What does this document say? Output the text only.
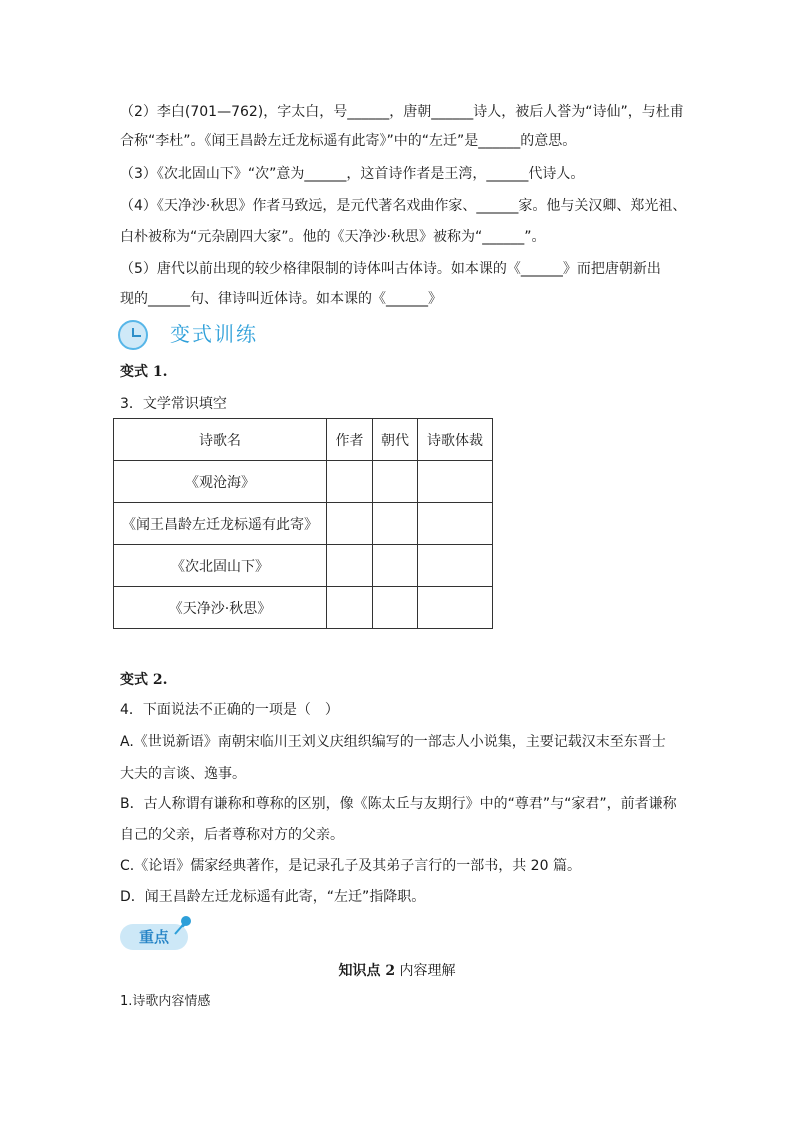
（2）李白(701—762)，字太白，号______，唐朝______诗人，被后人誉为“诗仙”，与杜甫
合称“李杜”。《闻王昌龄左迁龙标遥有此寄》”中的“左迁”是______的意思。
（3）《次北固山下》“次”意为______，这首诗作者是王湾，______代诗人。
（4）《天净沙·秋思》作者马致远，是元代著名戏曲作家、______家。他与关汉卿、郑光祖、
白朴被称为“元杂剧四大家”。他的《天净沙·秋思》被称为“______”。
（5）唐代以前出现的较少格律限制的诗体叫古体诗。如本课的《______》而把唐朝新出
现的______句、律诗叫近体诗。如本课的《______》
变式训练
变式 1.
3．文学常识填空
诗歌名	作者	朝代	诗歌体裁
《观沧海》			
《闻王昌龄左迁龙标遥有此寄》			
《次北固山下》			
《天净沙·秋思》			
变式 2.
4．下面说法不正确的一项是（　）
A.《世说新语》南朝宋临川王刘义庆组织编写的一部志人小说集，主要记载汉末至东晋士
大夫的言谈、逸事。
B．古人称谓有谦称和尊称的区别，像《陈太丘与友期行》中的“尊君”与“家君”，前者谦称
自己的父亲，后者尊称对方的父亲。
C.《论语》儒家经典著作，是记录孔子及其弟子言行的一部书，共 20 篇。
D．闻王昌龄左迁龙标遥有此寄，“左迁”指降职。
重点
知识点 2 内容理解
1.诗歌内容情感
